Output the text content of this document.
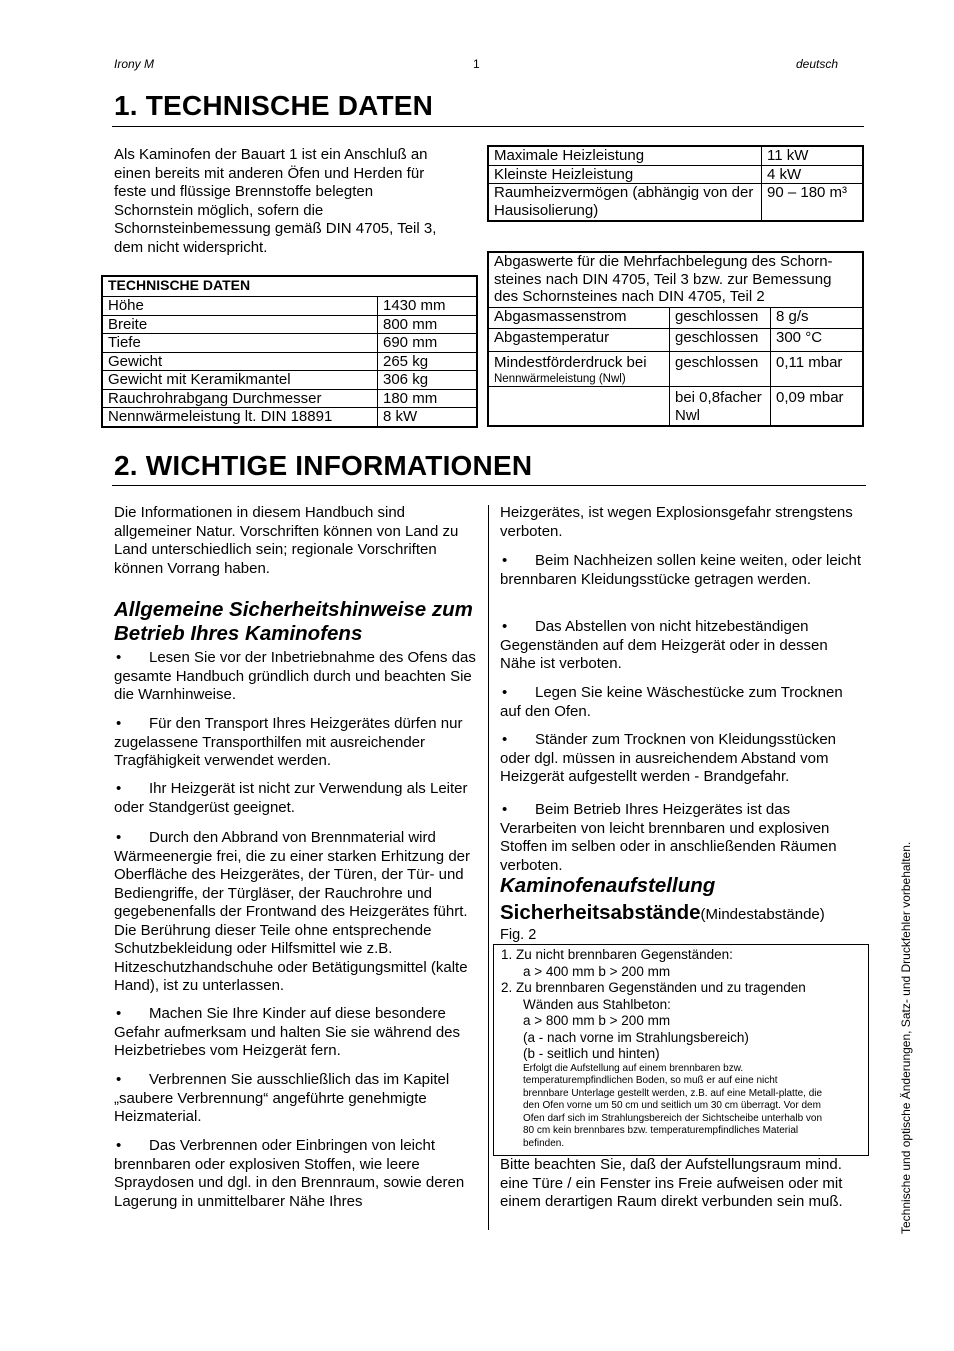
Irony M	1	deutsch
1. TECHNISCHE DATEN
Als Kaminofen der Bauart 1 ist ein Anschluß an
einen bereits mit anderen Öfen und Herden für
feste und flüssige Brennstoffe belegten
Schornstein möglich, sofern die
Schornsteinbemessung gemäß DIN 4705, Teil 3,
dem nicht widerspricht.
TECHNISCHE DATEN	
Höhe	1430 mm
Breite	800 mm
Tiefe	690 mm
Gewicht	265 kg
Gewicht mit Keramikmantel	306 kg
Rauchrohrabgang Durchmesser	180 mm
Nennwärmeleistung lt. DIN 18891	8 kW
Maximale Heizleistung	11 kW
Kleinste Heizleistung	4 kW
Raumheizvermögen (abhängig von der Hausisolierung)	90 – 180 m³
Abgaswerte für die Mehrfachbelegung des Schorn-steines nach DIN 4705, Teil 3 bzw. zur Bemessung des Schornsteines nach DIN 4705, Teil 2		
Abgasmassenstrom	geschlossen	8 g/s
Abgastemperatur	geschlossen	300 °C

Mindestförderdruck bei
Nennwärmeleistung (Nwl)	geschlossen	0,11 mbar
	bei 0,8facher Nwl	0,09 mbar
2. WICHTIGE INFORMATIONEN
Die Informationen in diesem Handbuch sind allgemeiner Natur. Vorschriften können von Land zu Land unterschiedlich sein; regionale Vorschriften können Vorrang haben.
Allgemeine Sicherheitshinweise zum Betrieb Ihres Kaminofens
• Lesen Sie vor der Inbetriebnahme des Ofens das gesamte Handbuch gründlich durch und beachten Sie die Warnhinweise.
• Für den Transport Ihres Heizgerätes dürfen nur zugelassene Transporthilfen mit ausreichender Tragfähigkeit verwendet werden.
• Ihr Heizgerät ist nicht zur Verwendung als Leiter oder Standgerüst geeignet.
• Durch den Abbrand von Brennmaterial wird Wärmeenergie frei, die zu einer starken Erhitzung der Oberfläche des Heizgerätes, der Türen, der Tür- und Bediengriffe, der Türgläser, der Rauchrohre und gegebenenfalls der Frontwand des Heizgerätes führt. Die Berührung dieser Teile ohne entsprechende Schutzbekleidung oder Hilfsmittel wie z.B. Hitzeschutzhandschuhe oder Betätigungsmittel (kalte Hand), ist zu unterlassen.
• Machen Sie Ihre Kinder auf diese besondere Gefahr aufmerksam und halten Sie sie während des Heizbetriebes vom Heizgerät fern.
• Verbrennen Sie ausschließlich das im Kapitel „saubere Verbrennung“ angeführte genehmigte Heizmaterial.
• Das Verbrennen oder Einbringen von leicht brennbaren oder explosiven Stoffen, wie leere Spraydosen und dgl. in den Brennraum, sowie deren Lagerung in unmittelbarer Nähe Ihres
Heizgerätes, ist wegen Explosionsgefahr strengstens verboten.
• Beim Nachheizen sollen keine weiten, oder leicht brennbaren Kleidungsstücke getragen werden.
• Das Abstellen von nicht hitzebeständigen Gegenständen auf dem Heizgerät oder in dessen Nähe ist verboten.
• Legen Sie keine Wäschestücke zum Trocknen auf den Ofen.
• Ständer zum Trocknen von Kleidungsstücken oder dgl. müssen in ausreichendem Abstand vom Heizgerät aufgestellt werden - Brandgefahr.
• Beim Betrieb Ihres Heizgerätes ist das Verarbeiten von leicht brennbaren und explosiven Stoffen im selben oder in anschließenden Räumen verboten.
Kaminofenaufstellung
Sicherheitsabstände(Mindestabstände)
Fig. 2
1. Zu nicht brennbaren Gegenständen:
a > 400 mm b > 200 mm
2. Zu brennbaren Gegenständen und zu tragenden
Wänden aus Stahlbeton:
a > 800 mm b > 200 mm
(a - nach vorne im Strahlungsbereich)
(b - seitlich und hinten)
Erfolgt die Aufstellung auf einem brennbaren bzw. temperaturempfindlichen Boden, so muß er auf eine nicht brennbare Unterlage gestellt werden, z.B. auf eine Metall-platte, die den Ofen vorne um 50 cm und seitlich um 30 cm überragt. Vor dem Ofen darf sich im Strahlungsbereich der Sichtscheibe unterhalb von 80 cm kein brennbares bzw. temperaturempfindliches Material befinden.
Bitte beachten Sie, daß der Aufstellungsraum mind. eine Türe / ein Fenster ins Freie aufweisen oder mit einem derartigen Raum direkt verbunden sein muß.	Technische und optische Änderungen, Satz- und Druckfehler vorbehalten.
